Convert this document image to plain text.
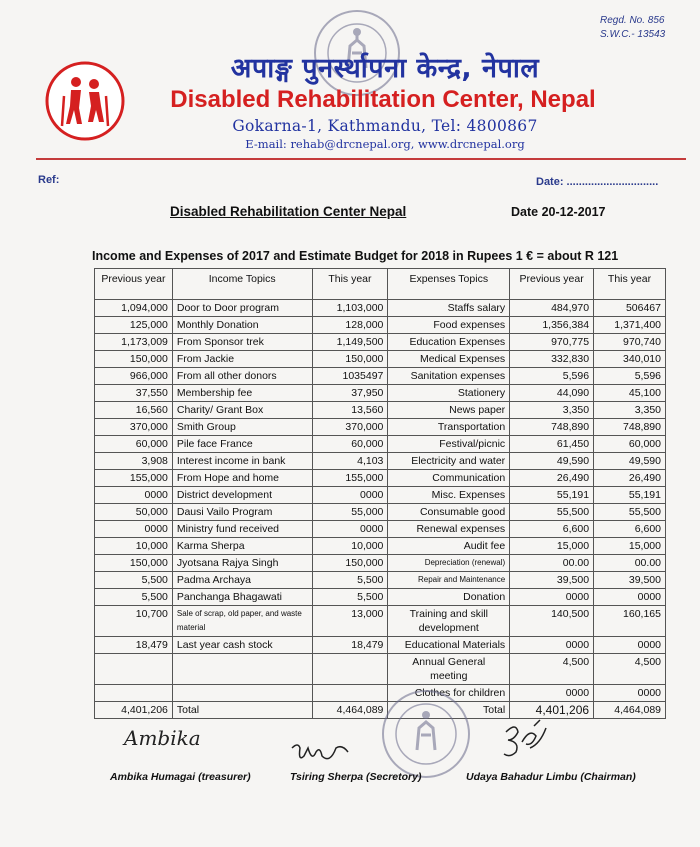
Regd. No. 856
S.W.C.- 13543
अपाङ्ग पुनर्स्थापना केन्द्र, नेपाल
Disabled Rehabilitation Center, Nepal
Gokarna-1, Kathmandu, Tel: 4800867
E-mail: rehab@drcnepal.org, www.drcnepal.org
Ref:	Date: ..............................
Disabled Rehabilitation Center Nepal	Date 20-12-2017
Income and Expenses of 2017 and Estimate Budget for 2018 in Rupees 1 € = about R 121
Previous year	Income Topics	This year	Expenses Topics	Previous year	This year
1,094,000	Door to Door program	1,103,000	Staffs salary	484,970	506467
125,000	Monthly Donation	128,000	Food expenses	1,356,384	1,371,400
1,173,009	From Sponsor trek	1,149,500	Education Expenses	970,775	970,740
150,000	From Jackie	150,000	Medical Expenses	332,830	340,010
966,000	From all other donors	1035497	Sanitation expenses	5,596	5,596
37,550	Membership fee	37,950	Stationery	44,090	45,100
16,560	Charity/ Grant Box	13,560	News paper	3,350	3,350
370,000	Smith Group	370,000	Transportation	748,890	748,890
60,000	Pile face France	60,000	Festival/picnic	61,450	60,000
3,908	Interest income in bank	4,103	Electricity and water	49,590	49,590
155,000	From Hope and home	155,000	Communication	26,490	26,490
0000	District development	0000	Misc. Expenses	55,191	55,191
50,000	Dausi Vailo Program	55,000	Consumable good	55,500	55,500
0000	Ministry fund received	0000	Renewal expenses	6,600	6,600
10,000	Karma Sherpa	10,000	Audit fee	15,000	15,000
150,000	Jyotsana Rajya Singh	150,000	Depreciation (renewal)	00.00	00.00
5,500	Padma Archaya	5,500	Repair and Maintenance	39,500	39,500
5,500	Panchanga Bhagawati	5,500	Donation	0000	0000
10,700	Sale of scrap, old paper, and waste material	13,000	Training and skill development	140,500	160,165
18,479	Last year cash stock	18,479	Educational Materials	0000	0000
			Annual General meeting	4,500	4,500
			Clothes for children	0000	0000
4,401,206	Total	4,464,089	Total	4,401,206	4,464,089
Ambika
Ambika Humagai (treasurer)	Tsiring Sherpa (Secretory)	Udaya Bahadur Limbu (Chairman)
